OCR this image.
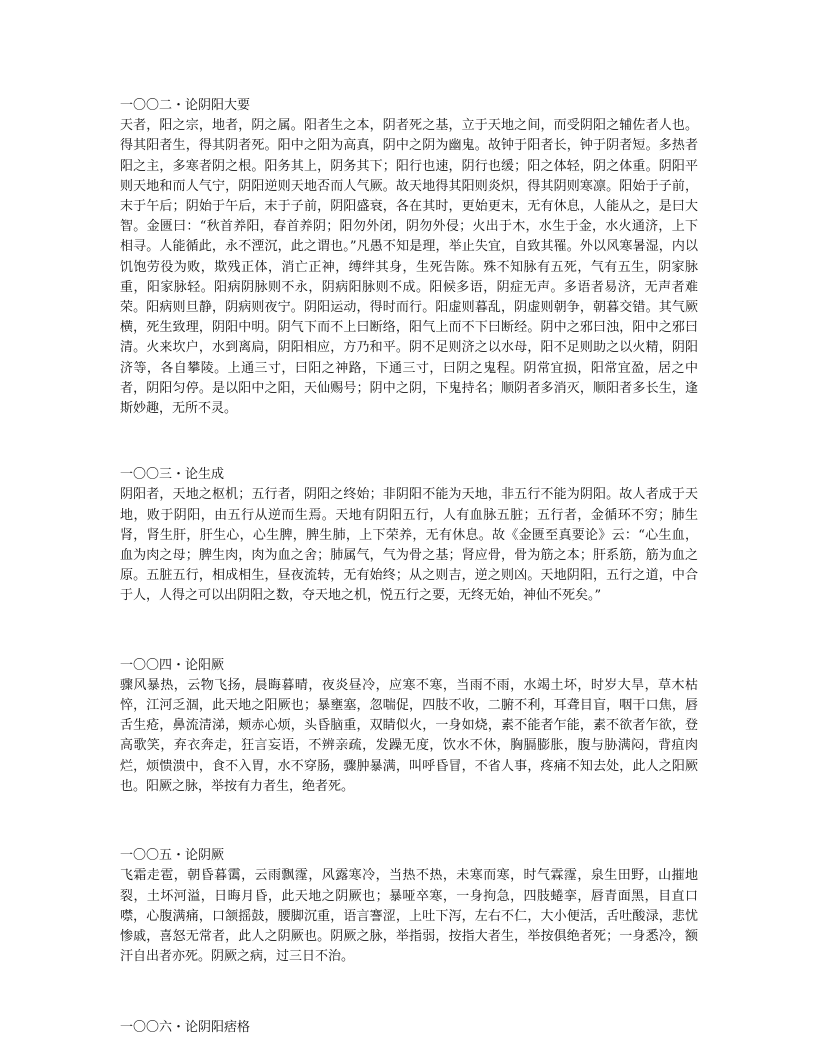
一〇〇二・论阴阳大要
天者，阳之宗，地者，阴之属。阳者生之本，阴者死之基，立于天地之间，而受阴阳之辅佐者人也。得其阳者生，得其阴者死。阳中之阳为高真，阴中之阴为幽鬼。故钟于阳者长，钟于阴者短。多热者阳之主，多寒者阴之根。阳务其上，阴务其下；阳行也速，阴行也缓；阳之体轻，阴之体重。阴阳平则天地和而人气宁，阴阳逆则天地否而人气厥。故天地得其阳则炎炽，得其阴则寒凛。阳始于子前，末于午后；阴始于午后，末于子前，阴阳盛衰，各在其时，更始更末，无有休息，人能从之，是曰大智。金匮曰：“秋首养阳，春首养阴；阳勿外闭，阴勿外侵；火出于木，水生于金，水火通济，上下相寻。人能循此，永不湮沉，此之谓也。”凡愚不知是理，举止失宜，自致其罹。外以风寒暑湿，内以饥饱劳役为败，欺残正体，消亡正神，缚绊其身，生死告陈。殊不知脉有五死，气有五生，阴家脉重，阳家脉轻。阳病阴脉则不永，阴病阳脉则不成。阳候多语，阴症无声。多语者易济，无声者难荣。阳病则旦静，阴病则夜宁。阴阳运动，得时而行。阳虚则暮乱，阴虚则朝争，朝暮交错。其气厥横，死生致理，阴阳中明。阴气下而不上曰断络，阳气上而不下曰断经。阴中之邪曰浊，阳中之邪曰清。火来坎户，水到离扃，阴阳相应，方乃和平。阴不足则济之以水母，阳不足则助之以火精，阴阳济等，各自攀陵。上通三寸，曰阳之神路，下通三寸，曰阴之鬼程。阴常宜损，阳常宜盈，居之中者，阴阳匀停。是以阳中之阳，天仙赐号；阴中之阴，下鬼持名；顺阴者多消灭，顺阳者多长生，逢斯妙趣，无所不灵。
一〇〇三・论生成
阴阳者，天地之枢机；五行者，阴阳之终始；非阴阳不能为天地，非五行不能为阴阳。故人者成于天地，败于阴阳，由五行从逆而生焉。天地有阴阳五行，人有血脉五脏；五行者，金循环不穷；肺生肾，肾生肝，肝生心，心生脾，脾生肺，上下荣养，无有休息。故《金匮至真要论》云：“心生血，血为肉之母；脾生肉，肉为血之舍；肺属气，气为骨之基；肾应骨，骨为筋之本；肝系筋，筋为血之原。五脏五行，相成相生，昼夜流转，无有始终；从之则吉，逆之则凶。天地阴阳，五行之道，中合于人，人得之可以出阴阳之数，夺天地之机，悦五行之要，无终无始，神仙不死矣。”
一〇〇四・论阳厥
骤风暴热，云物飞扬，晨晦暮晴，夜炎昼冷，应寒不寒，当雨不雨，水竭土坏，时岁大旱，草木枯悴，江河乏涸，此天地之阳厥也；暴壅塞，忽喘促，四肢不收，二腑不利，耳聋目盲，咽干口焦，唇舌生疮，鼻流清涕，颊赤心烦，头昏脑重，双睛似火，一身如烧，素不能者乍能，素不欲者乍欲，登高歌笑，弃衣奔走，狂言妄语，不辨亲疏，发躁无度，饮水不休，胸膈膨胀，腹与胁满闷，背疽肉烂，烦愦溃中，食不入胃，水不穿肠，骤肿暴满，叫呼昏冒，不省人事，疼痛不知去处，此人之阳厥也。阳厥之脉，举按有力者生，绝者死。
一〇〇五・论阴厥
飞霜走雹，朝昏暮霭，云雨飘霪，风露寒冷，当热不热，未寒而寒，时气霖霪，泉生田野，山摧地裂，土坏河溢，日晦月昏，此天地之阴厥也；暴哑卒寒，一身拘急，四肢蜷挛，唇青面黑，目直口噤，心腹满痛，口颔摇鼓，腰脚沉重，语言謇涩，上吐下泻，左右不仁，大小便活，舌吐酸渌，悲忧惨戚，喜怒无常者，此人之阴厥也。阴厥之脉，举指弱，按指大者生，举按俱绝者死；一身悉冷，额汗自出者亦死。阴厥之病，过三日不治。
一〇〇六・论阴阳痞格
